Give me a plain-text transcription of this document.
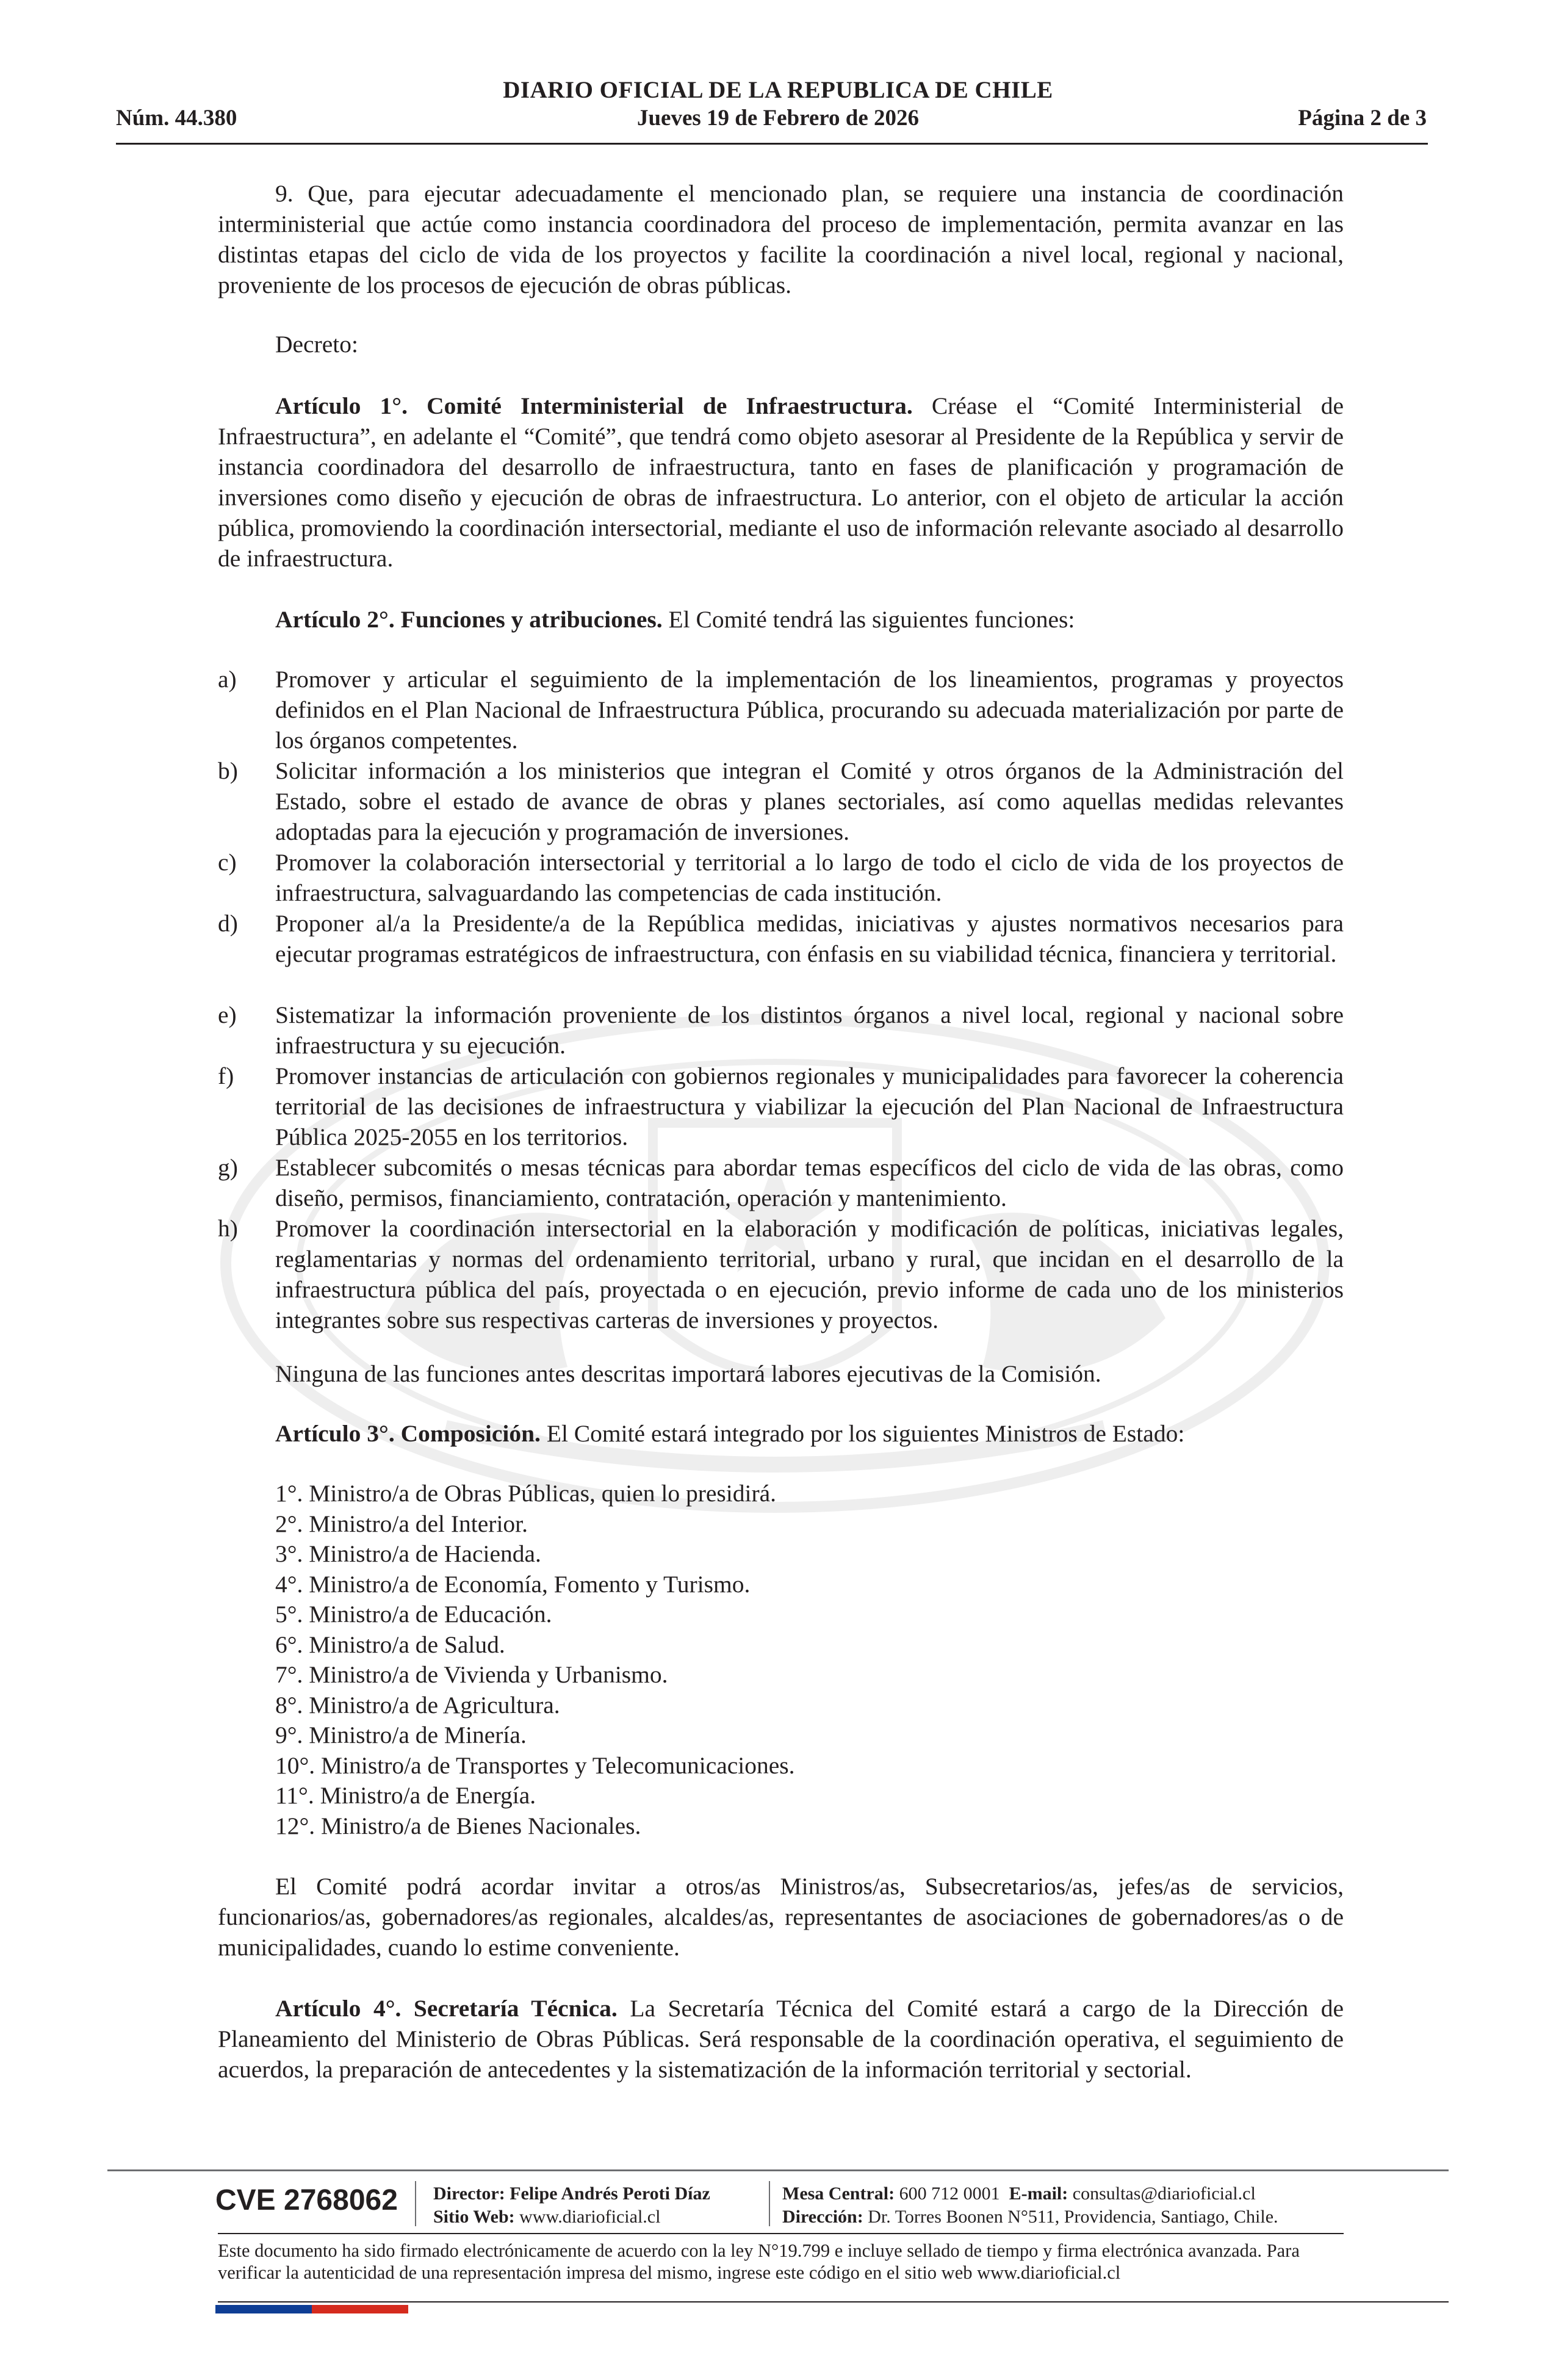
DIARIO OFICIAL DE LA REPUBLICA DE CHILE
Núm. 44.380	Jueves 19 de Febrero de 2026	Página 2 de 3
9. Que, para ejecutar adecuadamente el mencionado plan, se requiere una instancia de coordinación interministerial que actúe como instancia coordinadora del proceso de implementación, permita avanzar en las distintas etapas del ciclo de vida de los proyectos y facilite la coordinación a nivel local, regional y nacional, proveniente de los procesos de ejecución de obras públicas.
Decreto:
Artículo 1°. Comité Interministerial de Infraestructura. Créase el “Comité Interministerial de Infraestructura”, en adelante el “Comité”, que tendrá como objeto asesorar al Presidente de la República y servir de instancia coordinadora del desarrollo de infraestructura, tanto en fases de planificación y programación de inversiones como diseño y ejecución de obras de infraestructura. Lo anterior, con el objeto de articular la acción pública, promoviendo la coordinación intersectorial, mediante el uso de información relevante asociado al desarrollo de infraestructura.
Artículo 2°. Funciones y atribuciones. El Comité tendrá las siguientes funciones:
a) Promover y articular el seguimiento de la implementación de los lineamientos, programas y proyectos definidos en el Plan Nacional de Infraestructura Pública, procurando su adecuada materialización por parte de los órganos competentes.
b) Solicitar información a los ministerios que integran el Comité y otros órganos de la Administración del Estado, sobre el estado de avance de obras y planes sectoriales, así como aquellas medidas relevantes adoptadas para la ejecución y programación de inversiones.
c) Promover la colaboración intersectorial y territorial a lo largo de todo el ciclo de vida de los proyectos de infraestructura, salvaguardando las competencias de cada institución.
d) Proponer al/a la Presidente/a de la República medidas, iniciativas y ajustes normativos necesarios para ejecutar programas estratégicos de infraestructura, con énfasis en su viabilidad técnica, financiera y territorial.
e) Sistematizar la información proveniente de los distintos órganos a nivel local, regional y nacional sobre infraestructura y su ejecución.
f) Promover instancias de articulación con gobiernos regionales y municipalidades para favorecer la coherencia territorial de las decisiones de infraestructura y viabilizar la ejecución del Plan Nacional de Infraestructura Pública 2025-2055 en los territorios.
g) Establecer subcomités o mesas técnicas para abordar temas específicos del ciclo de vida de las obras, como diseño, permisos, financiamiento, contratación, operación y mantenimiento.
h) Promover la coordinación intersectorial en la elaboración y modificación de políticas, iniciativas legales, reglamentarias y normas del ordenamiento territorial, urbano y rural, que incidan en el desarrollo de la infraestructura pública del país, proyectada o en ejecución, previo informe de cada uno de los ministerios integrantes sobre sus respectivas carteras de inversiones y proyectos.
Ninguna de las funciones antes descritas importará labores ejecutivas de la Comisión.
Artículo 3°. Composición. El Comité estará integrado por los siguientes Ministros de Estado:
1°. Ministro/a de Obras Públicas, quien lo presidirá.
2°. Ministro/a del Interior.
3°. Ministro/a de Hacienda.
4°. Ministro/a de Economía, Fomento y Turismo.
5°. Ministro/a de Educación.
6°. Ministro/a de Salud.
7°. Ministro/a de Vivienda y Urbanismo.
8°. Ministro/a de Agricultura.
9°. Ministro/a de Minería.
10°. Ministro/a de Transportes y Telecomunicaciones.
11°. Ministro/a de Energía.
12°. Ministro/a de Bienes Nacionales.
El Comité podrá acordar invitar a otros/as Ministros/as, Subsecretarios/as, jefes/as de servicios, funcionarios/as, gobernadores/as regionales, alcaldes/as, representantes de asociaciones de gobernadores/as o de municipalidades, cuando lo estime conveniente.
Artículo 4°. Secretaría Técnica. La Secretaría Técnica del Comité estará a cargo de la Dirección de Planeamiento del Ministerio de Obras Públicas. Será responsable de la coordinación operativa, el seguimiento de acuerdos, la preparación de antecedentes y la sistematización de la información territorial y sectorial.
CVE 2768062 Director: Felipe Andrés Peroti Díaz
Sitio Web: www.diarioficial.cl
Mesa Central: 600 712 0001 E-mail: consultas@diarioficial.cl
Dirección: Dr. Torres Boonen N°511, Providencia, Santiago, Chile.
Este documento ha sido firmado electrónicamente de acuerdo con la ley N°19.799 e incluye sellado de tiempo y firma electrónica avanzada. Para verificar la autenticidad de una representación impresa del mismo, ingrese este código en el sitio web www.diarioficial.cl
